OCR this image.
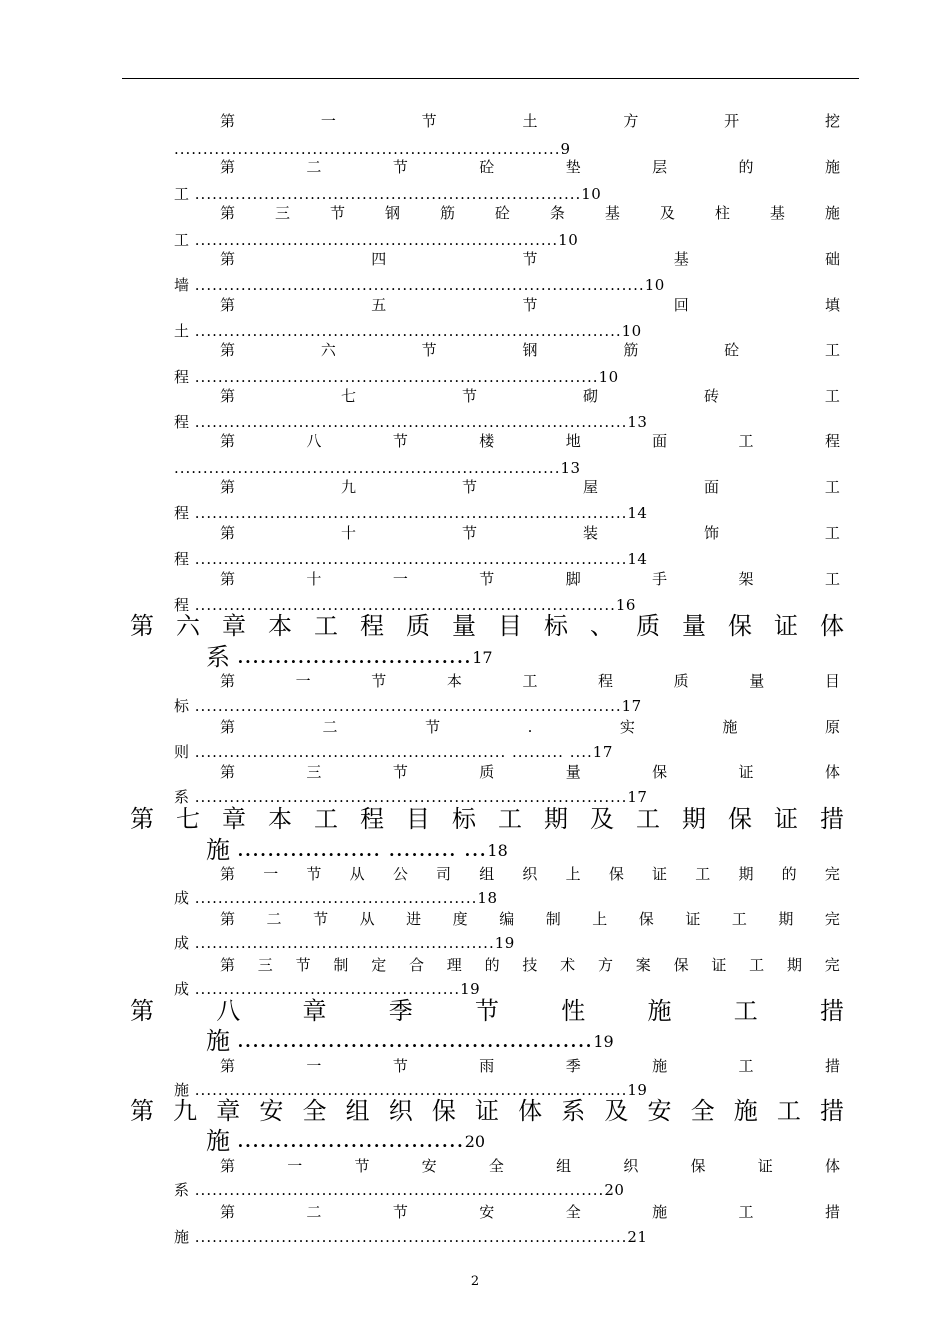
第	一	节	土	方	开	挖
...................................................................9
第	二	节	砼	垫	层	的	施
工 ...................................................................10
第	三	节	钢	筋	砼	条	基	及	柱	基	施
工 ...............................................................10
第	四	节	基	础
墙 ..............................................................................10
第	五	节	回	填
土 ..........................................................................10
第	六	节	钢	筋	砼	工
程 ......................................................................10
第	七	节	砌	砖	工
程 ...........................................................................13
第	八	节	楼	地	面	工	程
...................................................................13
第	九	节	屋	面	工
程 ...........................................................................14
第	十	节	装	饰	工
程 ...........................................................................14
第	十	一	节	脚	手	架	工
程 .........................................................................16
第 六 章 本 工 程 质 量 目 标 、 质 量 保 证 体
系 ...............................17
第	一	节	本	工	程	质	量	目
标 ..........................................................................17
第	二	节	.	实	施	原
则 ...................................................... ......... ....17
第	三	节	质	量	保	证	体
系 ...........................................................................17
第 七 章 本 工 程 目 标 工 期 及 工 期 保 证 措
施 ................... ......... ...18
第 一 节 从 公 司 组 织 上 保 证 工 期 的 完
成 .................................................18
第 二 节 从 进 度 编 制 上 保 证 工 期 完
成 ....................................................19
第 三 节 制 定 合 理 的 技 术 方 案 保 证 工 期 完
成 ..............................................19
第	八	章	季	节	性	施	工	措
施 ...............................................19
第	一	节	雨	季	施	工	措
施 ...........................................................................19
第 九 章 安 全 组 织 保 证 体 系 及 安 全 施 工 措
施 ..............................20
第	一	节	安	全	组	织	保	证	体
系 .......................................................................20
第	二	节	安	全	施	工	措
施 ...........................................................................21
2
